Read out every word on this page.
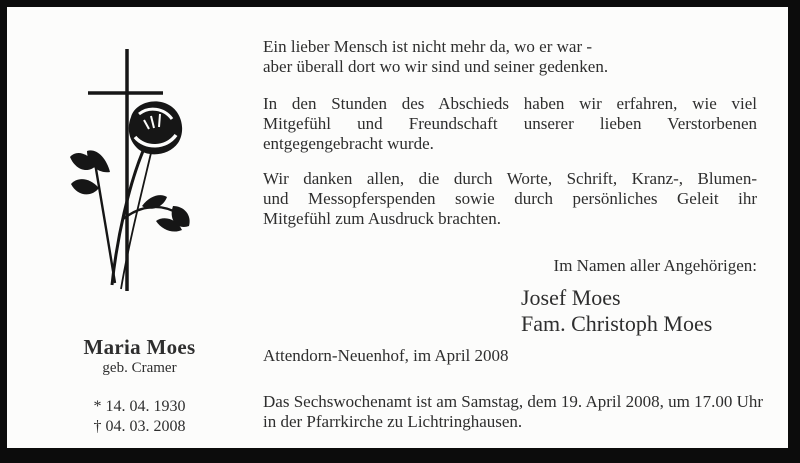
Maria Moes
geb. Cramer
* 14. 04. 1930
† 04. 03. 2008
Ein lieber Mensch ist nicht mehr da, wo er war -
aber überall dort wo wir sind und seiner gedenken.
In den Stunden des Abschieds haben wir erfahren, wie viel
Mitgefühl und Freundschaft unserer lieben Verstorbenen
entgegengebracht wurde.
Wir danken allen, die durch Worte, Schrift, Kranz-, Blumen-
und Messopferspenden sowie durch persönliches Geleit ihr
Mitgefühl zum Ausdruck brachten.
Im Namen aller Angehörigen:
Josef Moes
Fam. Christoph Moes
Attendorn-Neuenhof, im April 2008
Das Sechswochenamt ist am Samstag, dem 19. April 2008, um 17.00 Uhr
in der Pfarrkirche zu Lichtringhausen.
